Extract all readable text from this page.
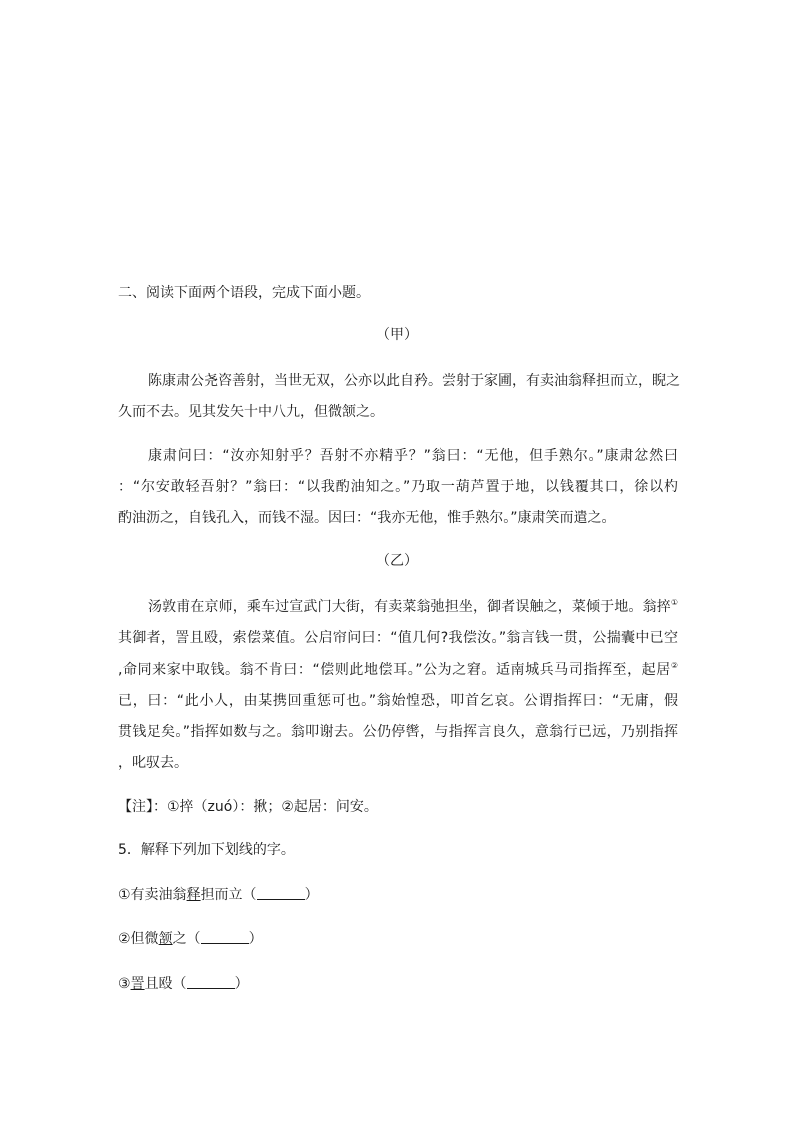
二、阅读下面两个语段，完成下面小题。
（甲）
陈康肃公尧咨善射，当世无双，公亦以此自矜。尝射于家圃，有卖油翁释担而立，睨之
久而不去。见其发矢十中八九，但微颔之。
康肃问曰：“汝亦知射乎？吾射不亦精乎？”翁曰：“无他，但手熟尔。”康肃忿然曰
：“尔安敢轻吾射？”翁曰：“以我酌油知之。”乃取一葫芦置于地，以钱覆其口，徐以杓
酌油沥之，自钱孔入，而钱不湿。因曰：“我亦无他，惟手熟尔。”康肃笑而遣之。
（乙）
汤敦甫在京师，乘车过宣武门大街，有卖菜翁弛担坐，御者误触之，菜倾于地。翁捽①
其御者，詈且殴，索偿菜值。公启帘问曰：“值几何?我偿汝。”翁言钱一贯，公揣囊中已空
,命同来家中取钱。翁不肯曰：“偿则此地偿耳。”公为之窘。适南城兵马司指挥至，起居②
已，曰：“此小人，由某携回重惩可也。”翁始惶恐，叩首乞哀。公谓指挥曰：“无庸，假
贯钱足矣。”指挥如数与之。翁叩谢去。公仍停辔，与指挥言良久，意翁行已远，乃别指挥
，叱驭去。
【注】：①捽（zuó）：揪；②起居：问安。
5．解释下列加下划线的字。
①有卖油翁释担而立（	）
②但微颔之（	）
③詈且殴（	）
